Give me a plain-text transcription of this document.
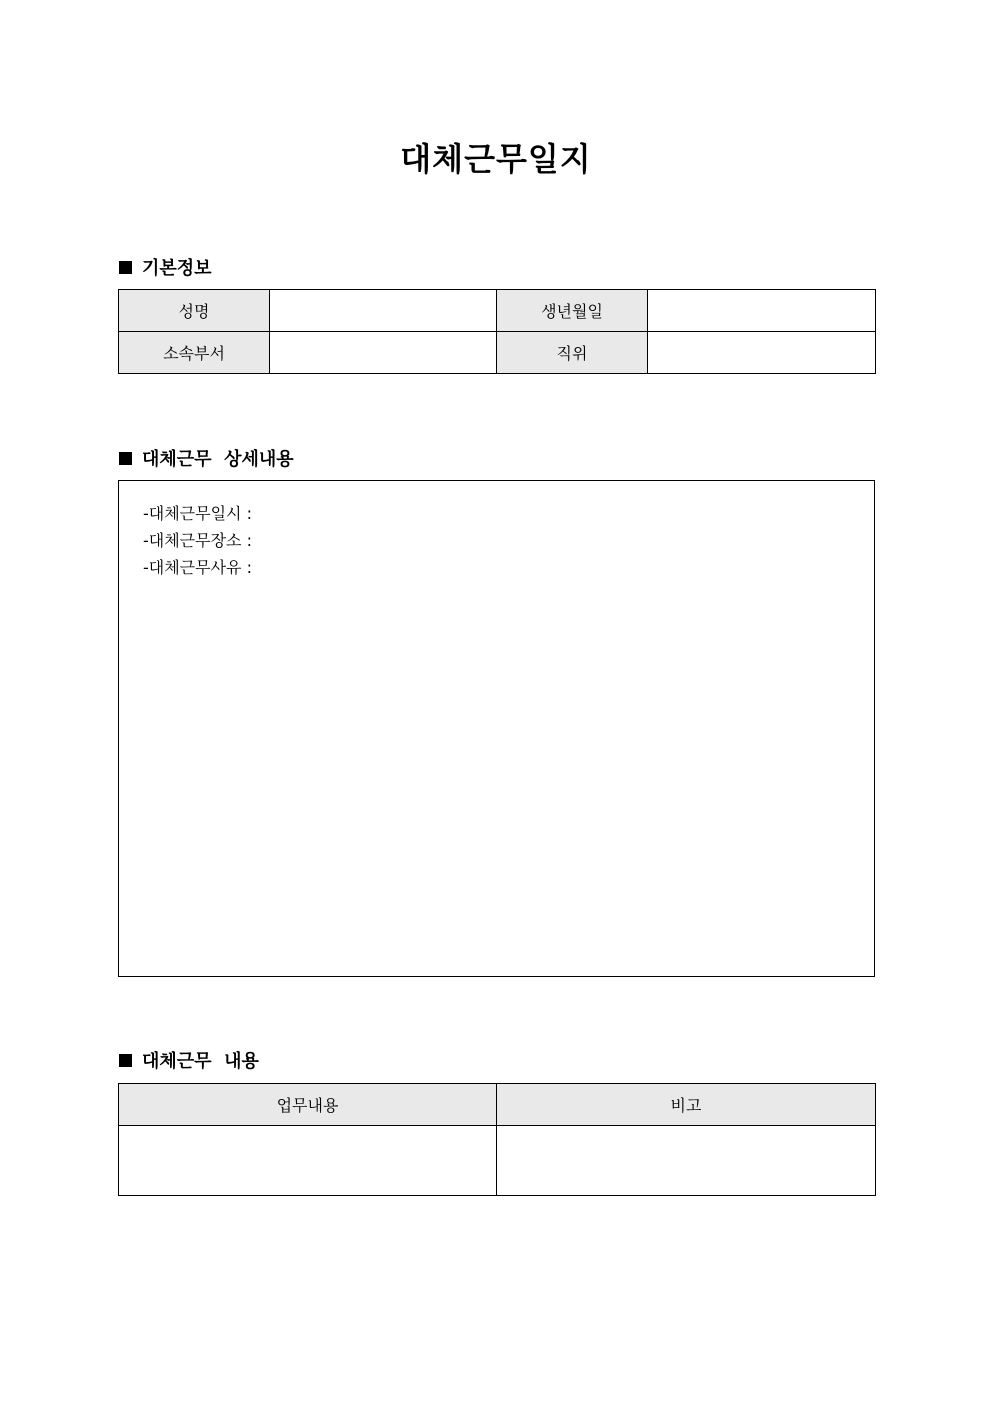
대체근무일지
기본정보
성명		생년월일	
소속부서		직위	
대체근무  상세내용
-대체근무일시 :
-대체근무장소 :
-대체근무사유 :
대체근무  내용
업무내용	비고
